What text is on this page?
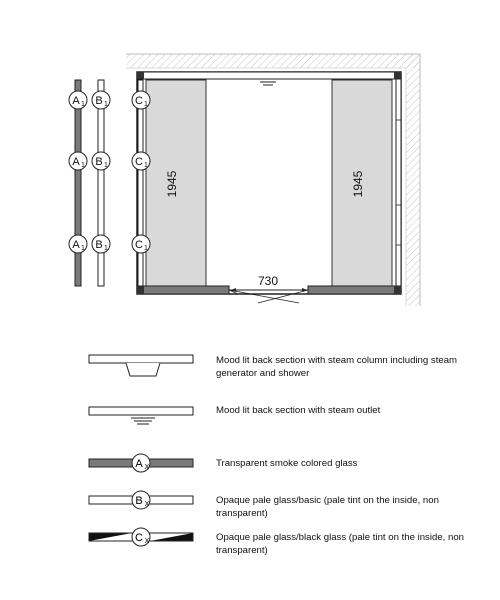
1945	1945
730
A 1
A 1
A 1
B 1
B 1
B 1
C 1
C 1
C 1
Mood lit back section with steam column including steam generator and shower
Mood lit back section with steam outlet
A X	Transparent smoke colored glass
B X	Opaque pale glass/basic (pale tint on the inside, non transparent)
C X	Opaque pale glass/black glass (pale tint on the inside, non transparent)
